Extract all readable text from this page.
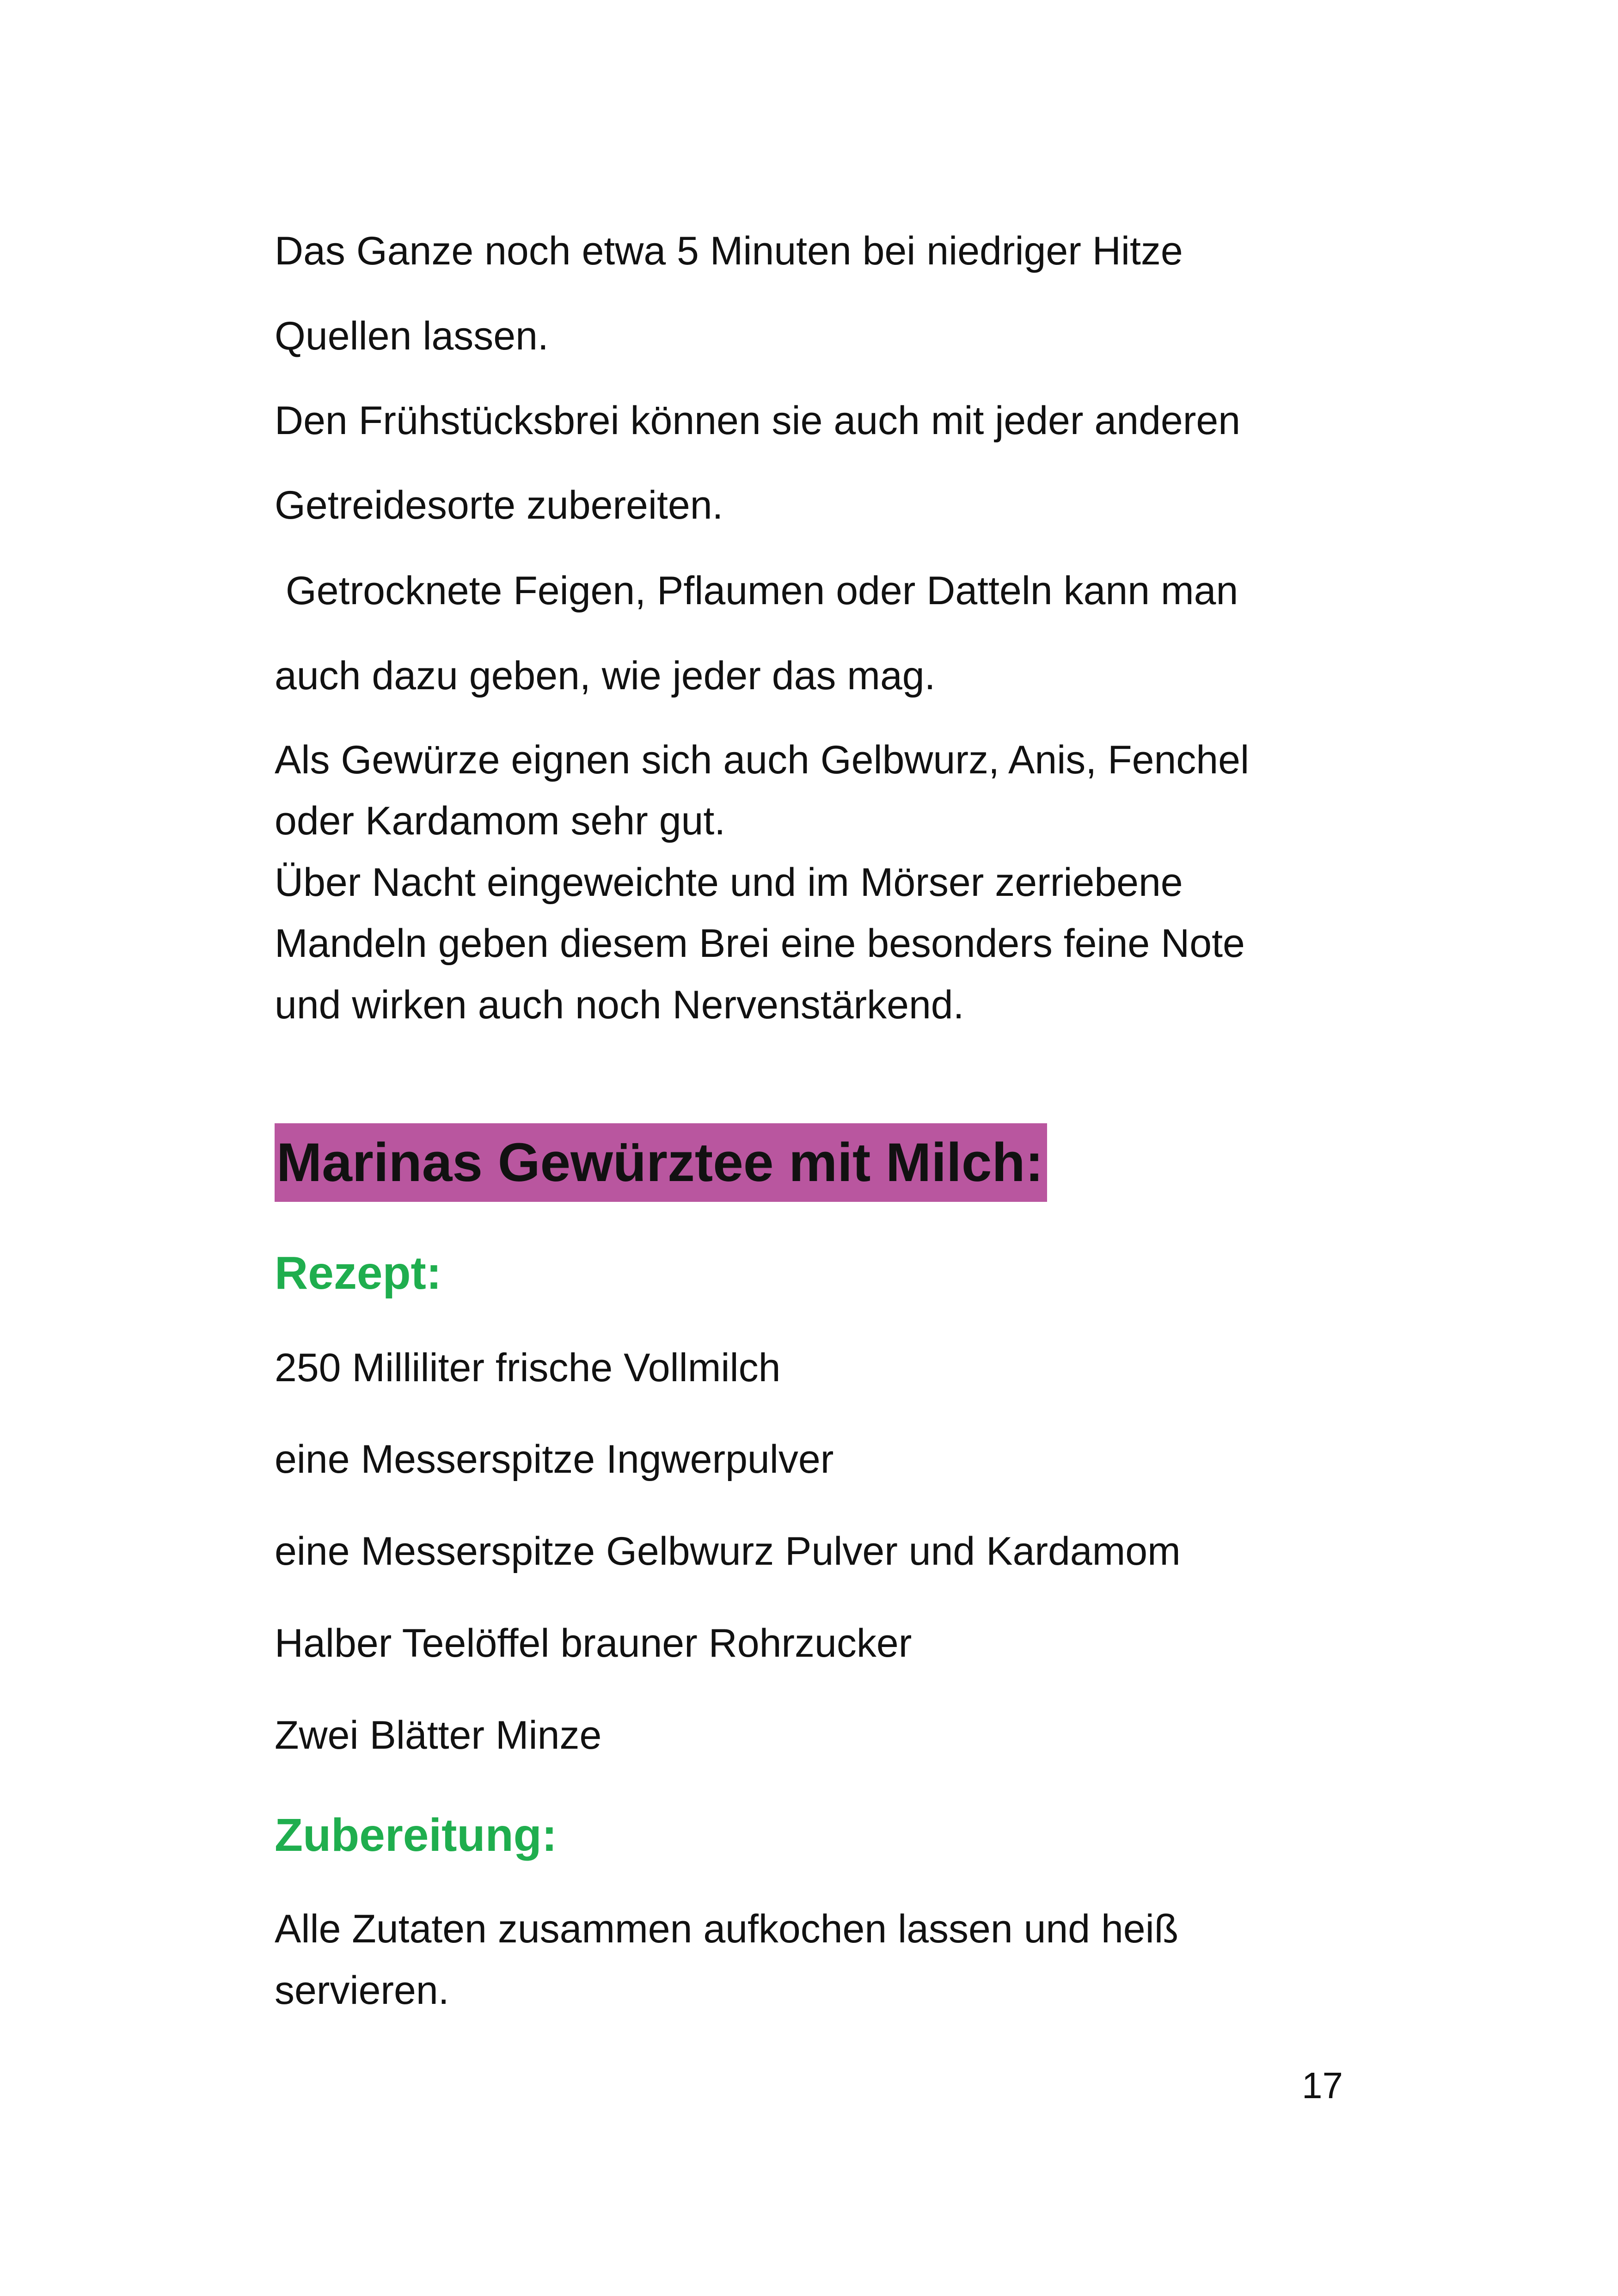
Das Ganze noch etwa 5 Minuten bei niedriger Hitze
Quellen lassen.
Den Frühstücksbrei können sie auch mit jeder anderen
Getreidesorte zubereiten.
Getrocknete Feigen, Pflaumen oder Datteln kann man
auch dazu geben, wie jeder das mag.
Als Gewürze eignen sich auch Gelbwurz, Anis, Fenchel
oder Kardamom sehr gut.
Über Nacht eingeweichte und im Mörser zerriebene
Mandeln geben diesem Brei eine besonders feine Note
und wirken auch noch Nervenstärkend.
Marinas Gewürztee mit Milch:
Rezept:
250 Milliliter frische Vollmilch
eine Messerspitze Ingwerpulver
eine Messerspitze Gelbwurz Pulver und Kardamom
Halber Teelöffel brauner Rohrzucker
Zwei Blätter Minze
Zubereitung:
Alle Zutaten zusammen aufkochen lassen und heiß
servieren.
17
